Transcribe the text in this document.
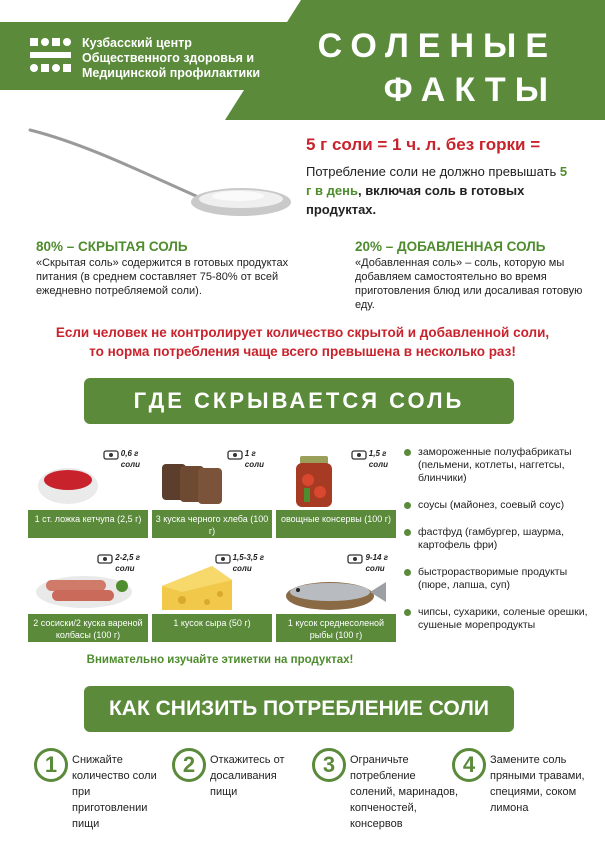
Кузбасский центр
Общественного здоровья и
Медицинской профилактики
СОЛЕНЫЕ
ФАКТЫ
5 г соли = 1 ч. л. без горки =
Потребление соли не должно превышать 5 г в день, включая соль в готовых продуктах.
80% – СКРЫТАЯ СОЛЬ

«Скрытая соль» содержится в готовых продуктах питания (в среднем составляет 75-80% от всей ежедневно потребляемой соли).

20% – ДОБАВЛЕННАЯ СОЛЬ

«Добавленная соль» – соль, которую мы добавляем самостоятельно во время приготовления блюд или досаливая готовую еду.

Если человек не контролирует количество скрытой и добавленной соли,
то норма потребления чаще всего превышена в несколько раз!
ГДЕ СКРЫВАЕТСЯ СОЛЬ
0,6 г
соли
1 ст. ложка кетчупа (2,5 г)
1 г
соли
3 куска черного хлеба (100 г)
1,5 г
соли
овощные консервы (100 г)
2-2,5 г
соли
2 сосиски/2 куска вареной колбасы (100 г)
1,5-3,5 г
соли
1 кусок сыра (50 г)
9-14 г
соли
1 кусок среднесоленой рыбы (100 г)
замороженные полуфабрикаты (пельмени, котлеты, наггетсы, блинчики)
соусы (майонез, соевый соус)
фастфуд (гамбургер, шаурма, картофель фри)
быстрорастворимые продукты (пюре, лапша, суп)
чипсы, сухарики, соленые орешки, сушеные морепродукты
Внимательно изучайте этикетки на продуктах!
КАК СНИЗИТЬ ПОТРЕБЛЕНИЕ СОЛИ
1	Снижайте количество соли при приготовлении пищи
2	Откажитесь от досаливания пищи
3	Ограничьте потребление солений, маринадов, копченостей, консервов
4	Замените соль пряными травами, специями, соком лимона
